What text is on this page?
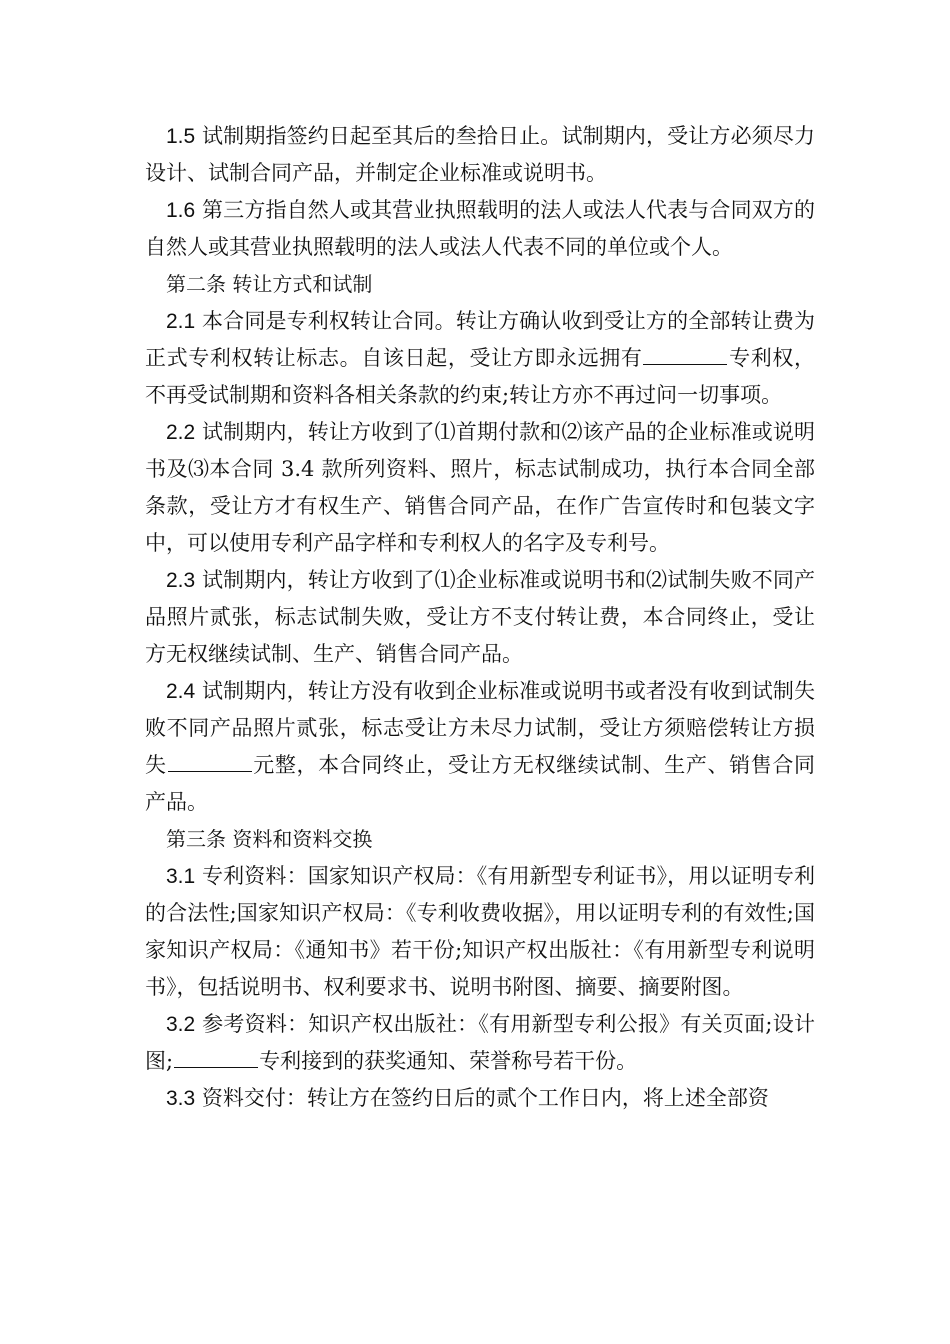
1.5 试制期指签约日起至其后的叁拾日止。试制期内，受让方必须尽力设计、试制合同产品，并制定企业标准或说明书。

1.6 第三方指自然人或其营业执照载明的法人或法人代表与合同双方的自然人或其营业执照载明的法人或法人代表不同的单位或个人。

第二条 转让方式和试制

2.1 本合同是专利权转让合同。转让方确认收到受让方的全部转让费为正式专利权转让标志。自该日起，受让方即永远拥有	专利权，不再受试制期和资料各相关条款的约束;转让方亦不再过问一切事项。

2.2 试制期内，转让方收到了⑴首期付款和⑵该产品的企业标准或说明书及⑶本合同 3.4 款所列资料、照片，标志试制成功，执行本合同全部条款，受让方才有权生产、销售合同产品，在作广告宣传时和包装文字中，可以使用专利产品字样和专利权人的名字及专利号。

2.3 试制期内，转让方收到了⑴企业标准或说明书和⑵试制失败不同产品照片贰张，标志试制失败，受让方不支付转让费，本合同终止，受让方无权继续试制、生产、销售合同产品。

2.4 试制期内，转让方没有收到企业标准或说明书或者没有收到试制失败不同产品照片贰张，标志受让方未尽力试制，受让方须赔偿转让方损失	元整，本合同终止，受让方无权继续试制、生产、销售合同产品。

第三条 资料和资料交换

3.1 专利资料：国家知识产权局：《有用新型专利证书》，用以证明专利的合法性;国家知识产权局：《专利收费收据》，用以证明专利的有效性;国家知识产权局：《通知书》若干份;知识产权出版社：《有用新型专利说明书》，包括说明书、权利要求书、说明书附图、摘要、摘要附图。

3.2 参考资料：知识产权出版社：《有用新型专利公报》有关页面;设计图;	专利接到的获奖通知、荣誉称号若干份。

3.3 资料交付：转让方在签约日后的贰个工作日内，将上述全部资
